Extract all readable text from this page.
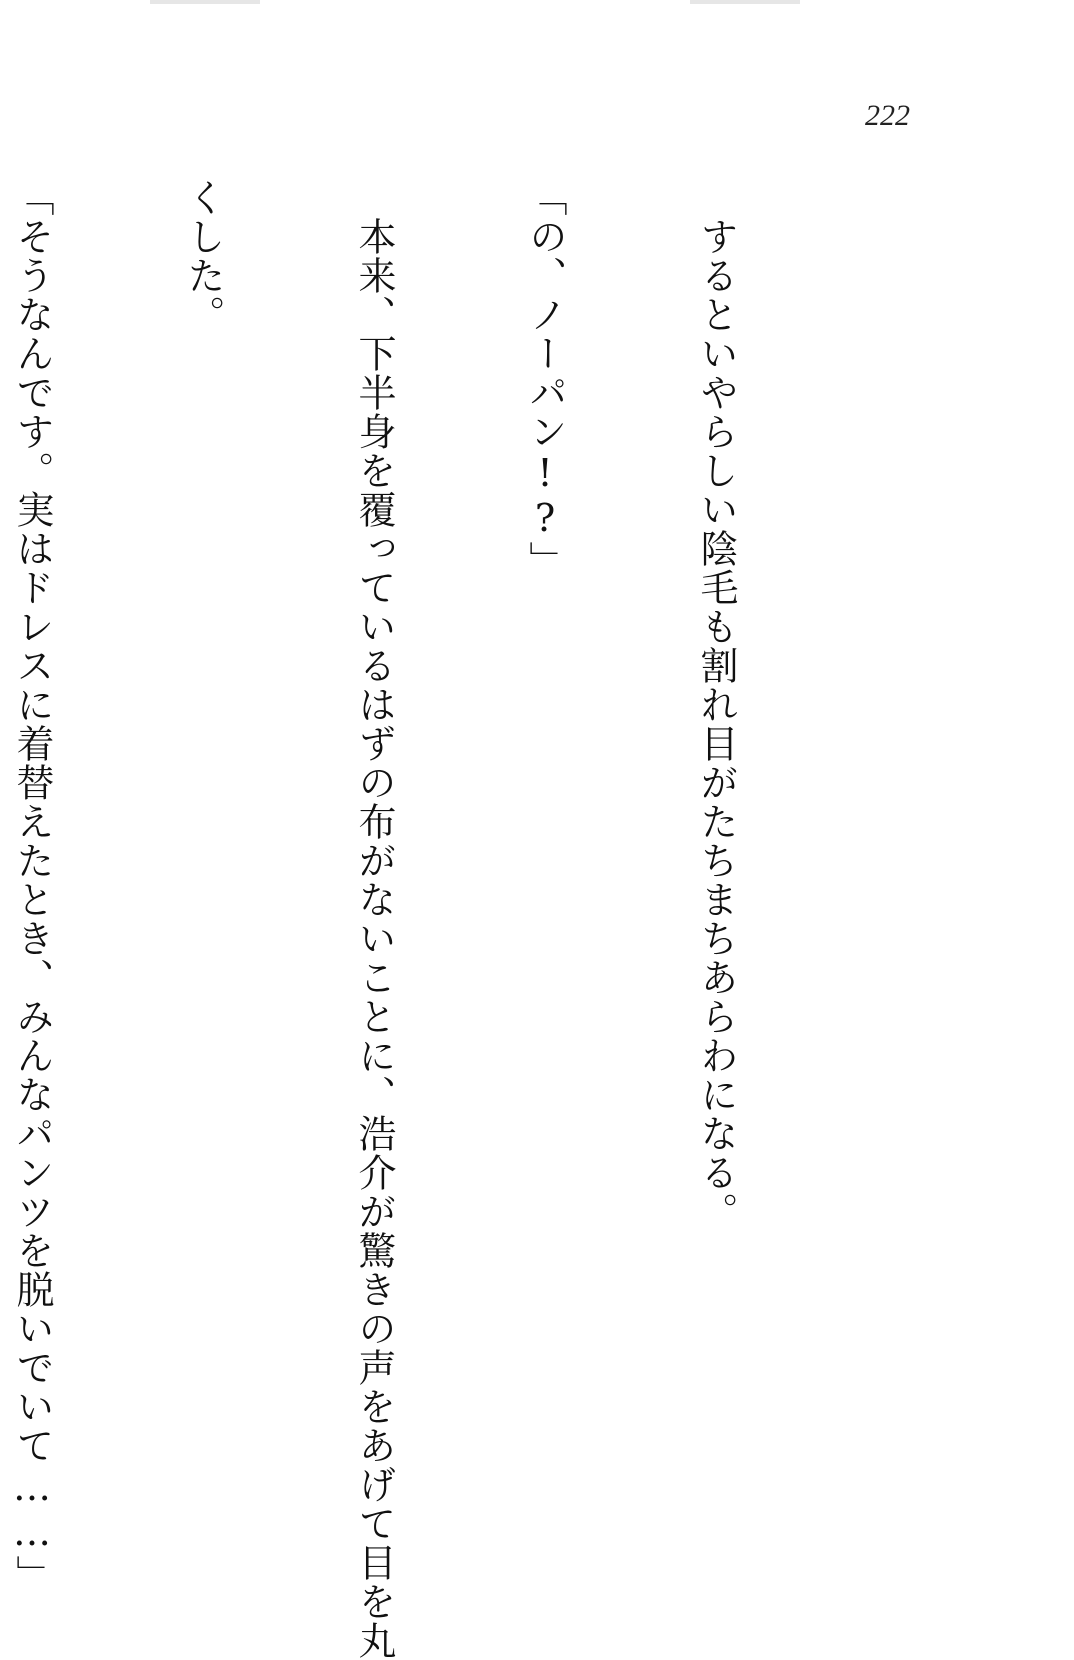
222

　するといやらしい陰毛も割れ目がたちまちあらわになる。

「の、ノーパン!?」

　本来、下半身を覆っているはずの布がないことに、浩介が驚きの声をあげて目を丸

くした。

「そうなんです。実はドレスに着替えたとき、みんなパンツを脱いでいて……」
